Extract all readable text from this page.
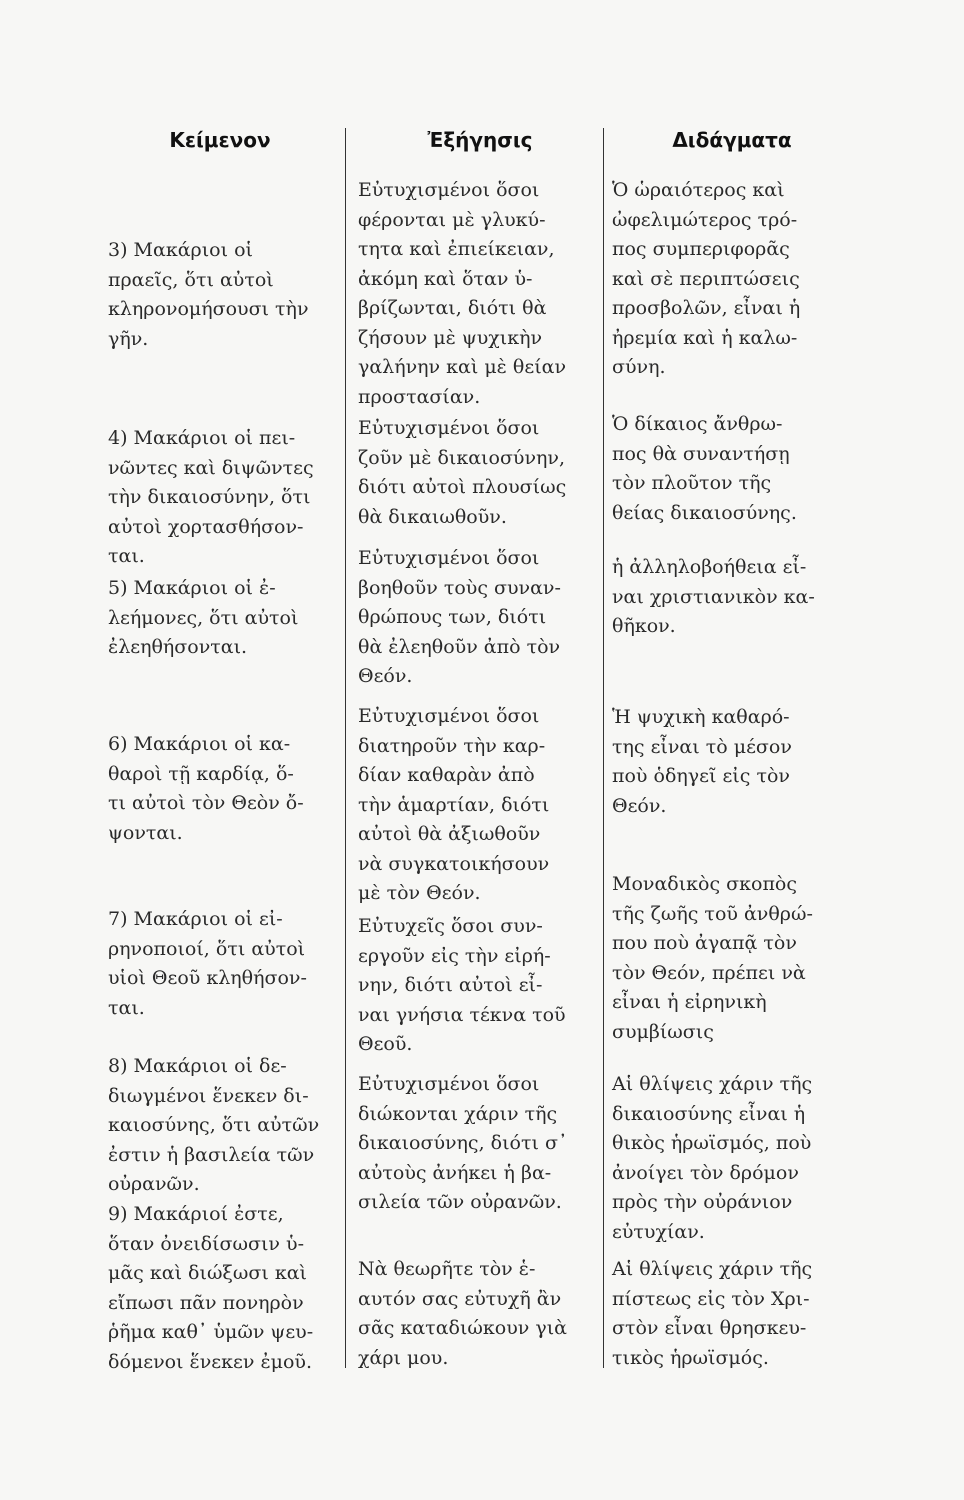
Κείμενον	Ἐξήγησις	Διδάγματα

3) Μακάριοι οἱ
πραεῖς, ὅτι αὐτοὶ
κληρονομήσουσι τὴν
γῆν.

4) Μακάριοι οἱ πει-
νῶντες καὶ διψῶντες
τὴν δικαιοσύνην, ὅτι
αὐτοὶ χορτασθήσον-
ται.

5) Μακάριοι οἱ ἐ-
λεήμονες, ὅτι αὐτοὶ
ἐλεηθήσονται.

6) Μακάριοι οἱ κα-
θαροὶ τῇ καρδίᾳ, ὅ-
τι αὐτοὶ τὸν Θεὸν ὄ-
ψονται.

7) Μακάριοι οἱ εἰ-
ρηνοποιοί, ὅτι αὐτοὶ
υἱοὶ Θεοῦ κληθήσον-
ται.

8) Μακάριοι οἱ δε-
διωγμένοι ἕνεκεν δι-
καιοσύνης, ὅτι αὐτῶν
ἐστιν ἡ βασιλεία τῶν
οὐρανῶν.

9) Μακάριοί ἐστε,
ὅταν ὀνειδίσωσιν ὑ-
μᾶς καὶ διώξωσι καὶ
εἴπωσι πᾶν πονηρὸν
ῥῆμα καθ᾽ ὑμῶν ψευ-
δόμενοι ἕνεκεν ἐμοῦ.

Εὐτυχισμένοι ὅσοι
φέρονται μὲ γλυκύ-
τητα καὶ ἐπιείκειαν,
ἀκόμη καὶ ὅταν ὑ-
βρίζωνται, διότι θὰ
ζήσουν μὲ ψυχικὴν
γαλήνην καὶ μὲ θείαν
προστασίαν.

Εὐτυχισμένοι ὅσοι
ζοῦν μὲ δικαιοσύνην,
διότι αὐτοὶ πλουσίως
θὰ δικαιωθοῦν.

Εὐτυχισμένοι ὅσοι
βοηθοῦν τοὺς συναν-
θρώπους των, διότι
θὰ ἐλεηθοῦν ἀπὸ τὸν
Θεόν.

Εὐτυχισμένοι ὅσοι
διατηροῦν τὴν καρ-
δίαν καθαρὰν ἀπὸ
τὴν ἁμαρτίαν, διότι
αὐτοὶ θὰ ἀξιωθοῦν
νὰ συγκατοικήσουν
μὲ τὸν Θεόν.

Εὐτυχεῖς ὅσοι συν-
εργοῦν εἰς τὴν εἰρή-
νην, διότι αὐτοὶ εἶ-
ναι γνήσια τέκνα τοῦ
Θεοῦ.

Εὐτυχισμένοι ὅσοι
διώκονται χάριν τῆς
δικαιοσύνης, διότι σ᾽
αὐτοὺς ἀνήκει ἡ βα-
σιλεία τῶν οὐρανῶν.

Νὰ θεωρῆτε τὸν ἑ-
αυτόν σας εὐτυχῆ ἂν
σᾶς καταδιώκουν γιὰ
χάρι μου.

Ὁ ὡραιότερος καὶ
ὠφελιμώτερος τρό-
πος συμπεριφορᾶς
καὶ σὲ περιπτώσεις
προσβολῶν, εἶναι ἡ
ἠρεμία καὶ ἡ καλω-
σύνη.

Ὁ δίκαιος ἄνθρω-
πος θὰ συναντήσῃ
τὸν πλοῦτον τῆς
θείας δικαιοσύνης.

ἡ ἀλληλοβοήθεια εἶ-
ναι χριστιανικὸν κα-
θῆκον.

Ἡ ψυχικὴ καθαρό-
της εἶναι τὸ μέσον
ποὺ ὁδηγεῖ εἰς τὸν
Θεόν.

Μοναδικὸς σκοπὸς
τῆς ζωῆς τοῦ ἀνθρώ-
που ποὺ ἀγαπᾷ τὸν
τὸν Θεόν, πρέπει νὰ
εἶναι ἡ εἰρηνικὴ
συμβίωσις

Αἱ θλίψεις χάριν τῆς
δικαιοσύνης εἶναι ἡ
θικὸς ἡρωϊσμός, ποὺ
ἀνοίγει τὸν δρόμον
πρὸς τὴν οὐράνιον
εὐτυχίαν.

Αἱ θλίψεις χάριν τῆς
πίστεως εἰς τὸν Χρι-
στὸν εἶναι θρησκευ-
τικὸς ἡρωϊσμός.
